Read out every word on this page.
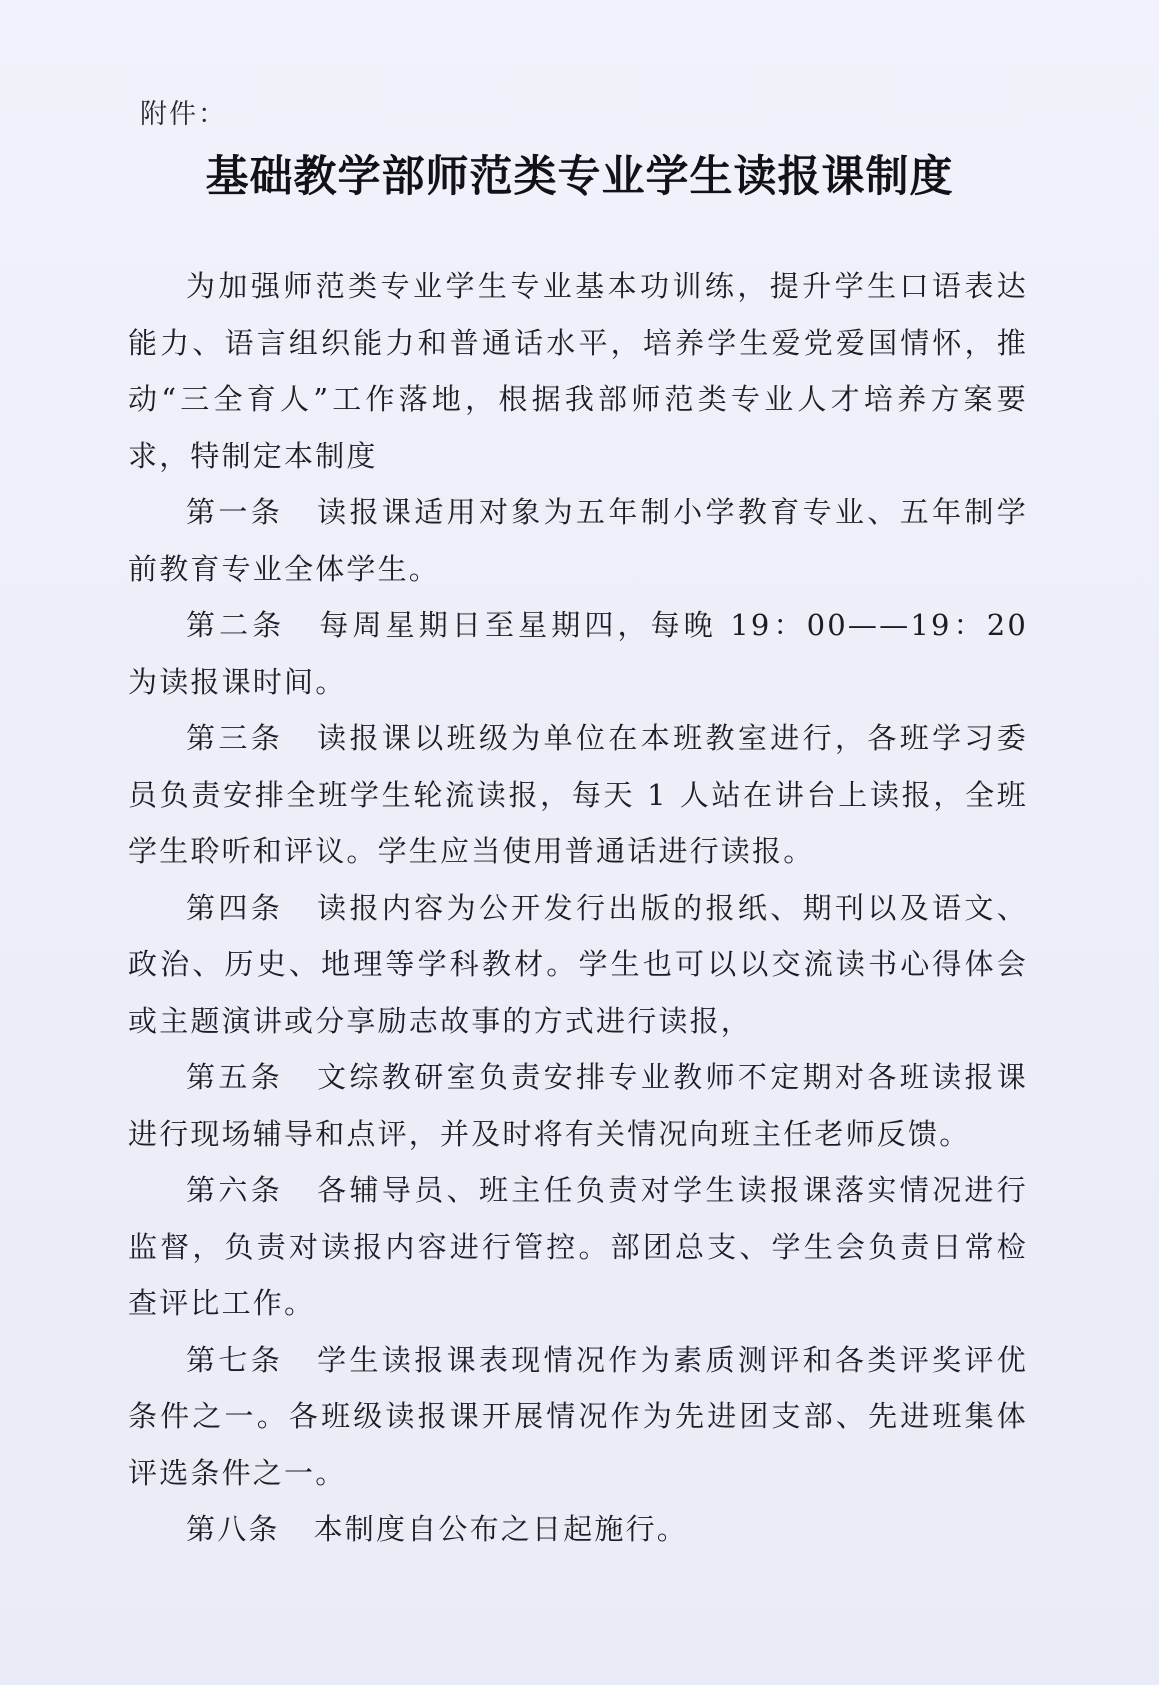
附件：
基础教学部师范类专业学生读报课制度

为加强师范类专业学生专业基本功训练，提升学生口语表达能力、语言组织能力和普通话水平，培养学生爱党爱国情怀，推动“三全育人”工作落地，根据我部师范类专业人才培养方案要求，特制定本制度

第一条 读报课适用对象为五年制小学教育专业、五年制学前教育专业全体学生。

第二条 每周星期日至星期四，每晚 19：00——19：20 为读报课时间。

第三条 读报课以班级为单位在本班教室进行，各班学习委员负责安排全班学生轮流读报，每天 1 人站在讲台上读报，全班学生聆听和评议。学生应当使用普通话进行读报。

第四条 读报内容为公开发行出版的报纸、期刊以及语文、政治、历史、地理等学科教材。学生也可以以交流读书心得体会或主题演讲或分享励志故事的方式进行读报，

第五条 文综教研室负责安排专业教师不定期对各班读报课进行现场辅导和点评，并及时将有关情况向班主任老师反馈。

第六条 各辅导员、班主任负责对学生读报课落实情况进行监督，负责对读报内容进行管控。部团总支、学生会负责日常检查评比工作。

第七条 学生读报课表现情况作为素质测评和各类评奖评优条件之一。各班级读报课开展情况作为先进团支部、先进班集体评选条件之一。

第八条 本制度自公布之日起施行。
